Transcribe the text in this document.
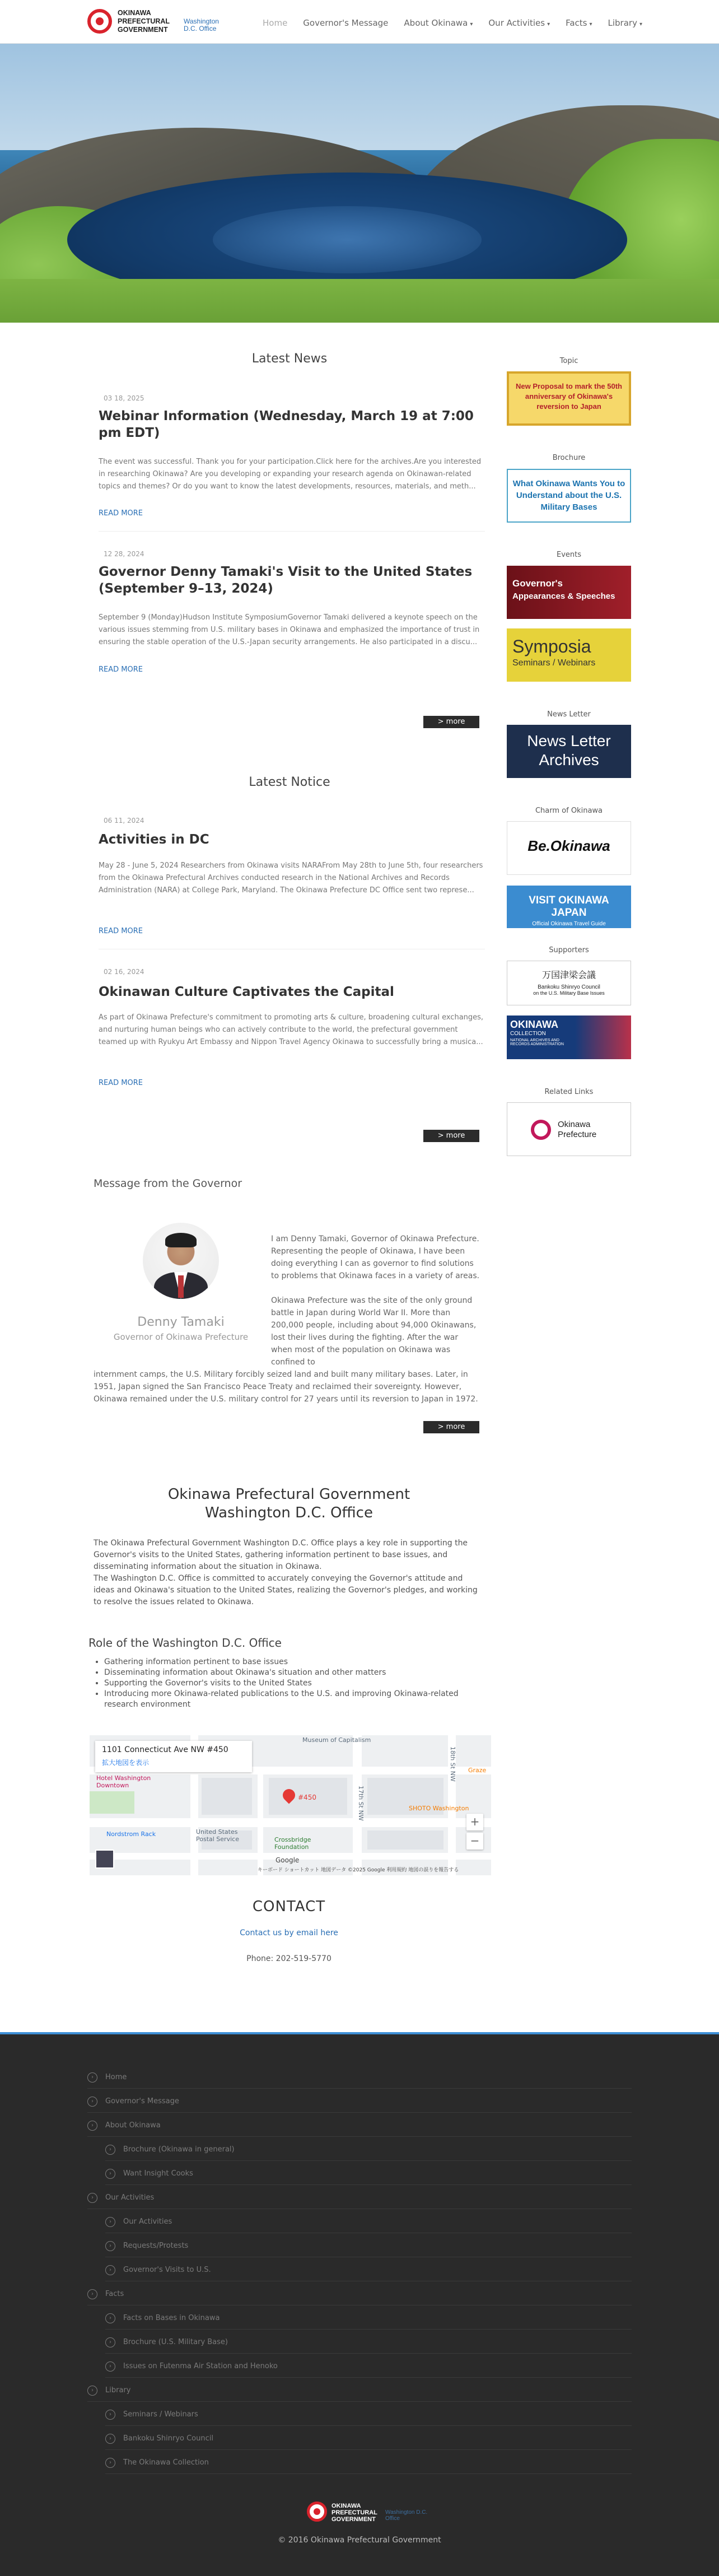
OKINAWA PREFECTURAL GOVERNMENT
Washington D.C. Office
Home	Governor's Message	About Okinawa ▾	Our Activities ▾	Facts ▾	Library ▾
Latest News
03 18, 2025
Webinar Information (Wednesday, March 19 at 7:00 pm EDT)
The event was successful. Thank you for your participation.Click here for the archives.Are you interested in researching Okinawa? Are you developing or expanding your research agenda on Okinawan-related topics and themes? Or do you want to know the latest developments, resources, materials, and meth...
READ MORE
12 28, 2024
Governor Denny Tamaki's Visit to the United States (September 9–13, 2024)
September 9 (Monday)Hudson Institute SymposiumGovernor Tamaki delivered a keynote speech on the various issues stemming from U.S. military bases in Okinawa and emphasized the importance of trust in ensuring the stable operation of the U.S.-Japan security arrangements. He also participated in a discu...
READ MORE
> more
Latest Notice
06 11, 2024
Activities in DC
May 28 - June 5, 2024 Researchers from Okinawa visits NARAFrom May 28th to June 5th, four researchers from the Okinawa Prefectural Archives conducted research in the National Archives and Records Administration (NARA) at College Park, Maryland. The Okinawa Prefecture DC Office sent two represe...
READ MORE
02 16, 2024
Okinawan Culture Captivates the Capital
As part of Okinawa Prefecture's commitment to promoting arts & culture, broadening cultural exchanges, and nurturing human beings who can actively contribute to the world, the prefectural government teamed up with Ryukyu Art Embassy and Nippon Travel Agency Okinawa to successfully bring a musica...
READ MORE
> more
Topic
New Proposal to mark the 50th anniversary of Okinawa's reversion to Japan
Brochure
What Okinawa Wants You to Understand about the U.S. Military Bases
Events
Governor's
Appearances & Speeches
Symposia
Seminars / Webinars
News Letter
News Letter
Archives
Charm of Okinawa
Be.Okinawa
VISIT OKINAWA JAPAN
Official Okinawa Travel Guide
Supporters
万国津梁会議
Bankoku Shinryo Council
on the U.S. Military Base Issues
OKINAWA
COLLECTION
NATIONAL ARCHIVES AND RECORDS ADMINISTRATION
Related Links
Okinawa Prefecture
Message from the Governor
Denny Tamaki
Governor of Okinawa Prefecture
I am Denny Tamaki, Governor of Okinawa Prefecture. Representing the people of Okinawa, I have been doing everything I can as governor to find solutions to problems that Okinawa faces in a variety of areas.
Okinawa Prefecture was the site of the only ground battle in Japan during World War II. More than 200,000 people, including about 94,000 Okinawans, lost their lives during the fighting. After the war when most of the population on Okinawa was confined to
internment camps, the U.S. Military forcibly seized land and built many military bases. Later, in 1951, Japan signed the San Francisco Peace Treaty and reclaimed their sovereignty. However, Okinawa remained under the U.S. military control for 27 years until its reversion to Japan in 1972.
> more
Okinawa Prefectural Government
Washington D.C. Office
The Okinawa Prefectural Government Washington D.C. Office plays a key role in supporting the Governor's visits to the United States, gathering information pertinent to base issues, and disseminating information about the situation in Okinawa.
The Washington D.C. Office is committed to accurately conveying the Governor's attitude and ideas and Okinawa's situation to the United States, realizing the Governor's pledges, and working to resolve the issues related to Okinawa.
Role of the Washington D.C. Office
• Gathering information pertinent to base issues
• Disseminating information about Okinawa's situation and other matters
• Supporting the Governor's visits to the United States
• Introducing more Okinawa-related publications to the U.S. and improving Okinawa-related research environment
1101 Connecticut Ave NW #450
拡大地図を表示
Museum of Capitalism
Hotel Washington Downtown
Nordstrom Rack	United States Postal Service	Crossbridge Foundation
SHOTO Washington
17th St NW
18th St NW Graze
#450
+
−
Google
キーボード ショートカット 地図データ ©2025 Google 利用規約 地図の誤りを報告する
CONTACT
Contact us by email here
Phone: 202-519-5770
› Home
› Governor's Message
› About Okinawa
› Brochure (Okinawa in general)
› Want Insight Cooks
› Our Activities
› Our Activities
› Requests/Protests
› Governor's Visits to U.S.
› Facts
› Facts on Bases in Okinawa
› Brochure (U.S. Military Base)
› Issues on Futenma Air Station and Henoko
› Library
› Seminars / Webinars
› Bankoku Shinryo Council
› The Okinawa Collection
OKINAWA PREFECTURAL GOVERNMENT
Washington D.C. Office
© 2016 Okinawa Prefectural Government
